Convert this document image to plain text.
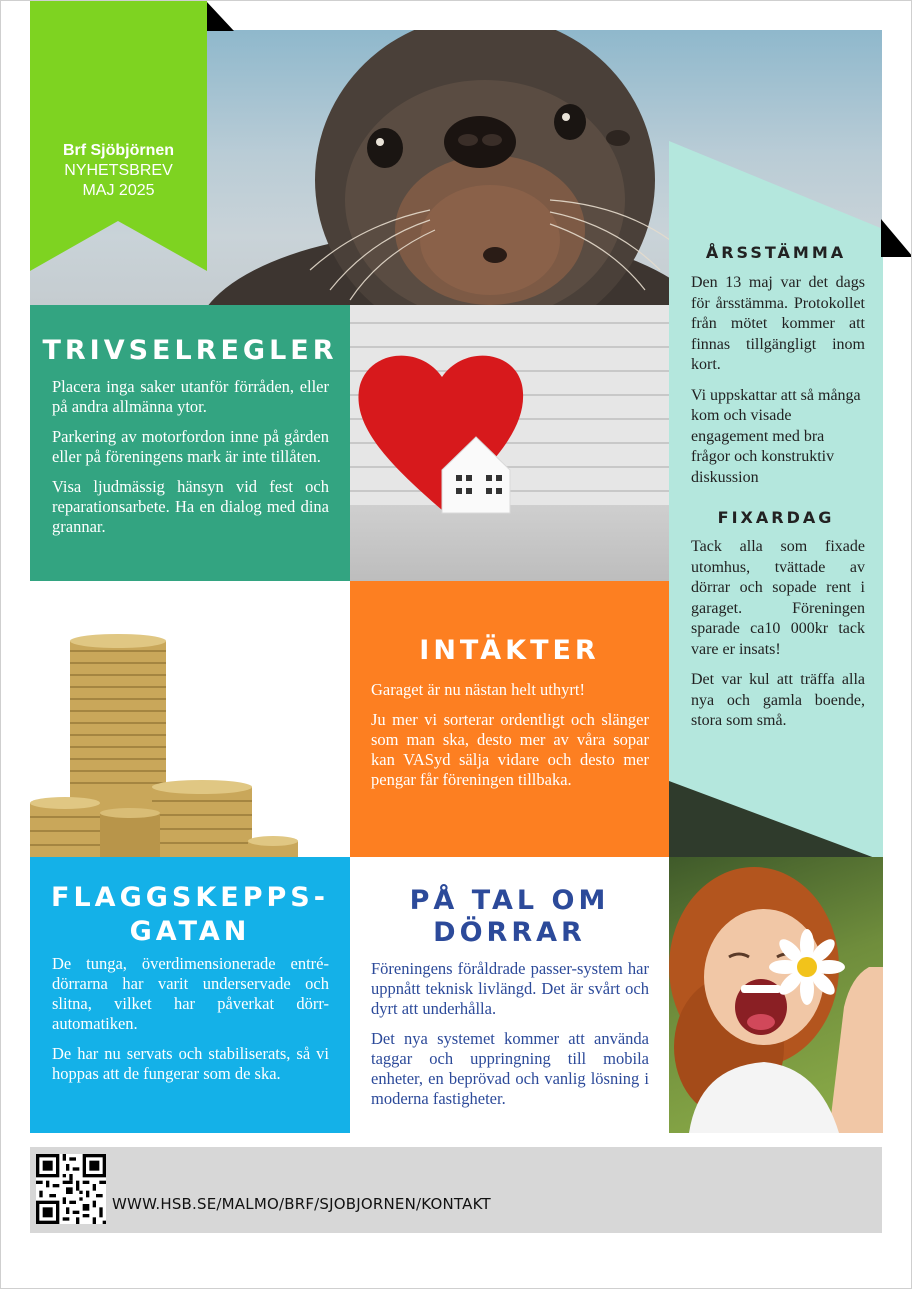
Brf Sjöbjörnen
NYHETSBREV
MAJ 2025
ÅRSSTÄMMA

Den 13 maj var det dags för årsstämma. Protokollet från mötet kommer att finnas tillgängligt inom kort.

Vi uppskattar att så många kom och visade engagement med bra frågor och konstruktiv diskussion

FIXARDAG

Tack alla som fixade utomhus, tvättade av dörrar och sopade rent i garaget. Föreningen sparade ca10 000kr tack vare er insats!

Det var kul att träffa alla nya och gamla boende, stora som små.

TRIVSELREGLER

Placera inga saker utanför förråden, eller på andra allmänna ytor.

Parkering av motorfordon inne på gården eller på föreningens mark är inte tillåten.

Visa ljudmässig hänsyn vid fest och reparationsarbete. Ha en dialog med dina grannar.

INTÄKTER

Garaget är nu nästan helt uthyrt!

Ju mer vi sorterar ordentligt och slänger som man ska, desto mer av våra sopar kan VASyd sälja vidare och desto mer pengar får föreningen tillbaka.

FLAGGSKEPPS-
GATAN

De tunga, överdimensionerade entré-dörrarna har varit underservade och slitna, vilket har påverkat dörr-automatiken.

De har nu servats och stabiliserats, så vi hoppas att de fungerar som de ska.

PÅ TAL OM
DÖRRAR

Föreningens föråldrade passer-system har uppnått teknisk livlängd. Det är svårt och dyrt att underhålla.

Det nya systemet kommer att använda taggar och uppringning till mobila enheter, en beprövad och vanlig lösning i moderna fastigheter.

WWW.HSB.SE/MALMO/BRF/SJOBJORNEN/KONTAKT
